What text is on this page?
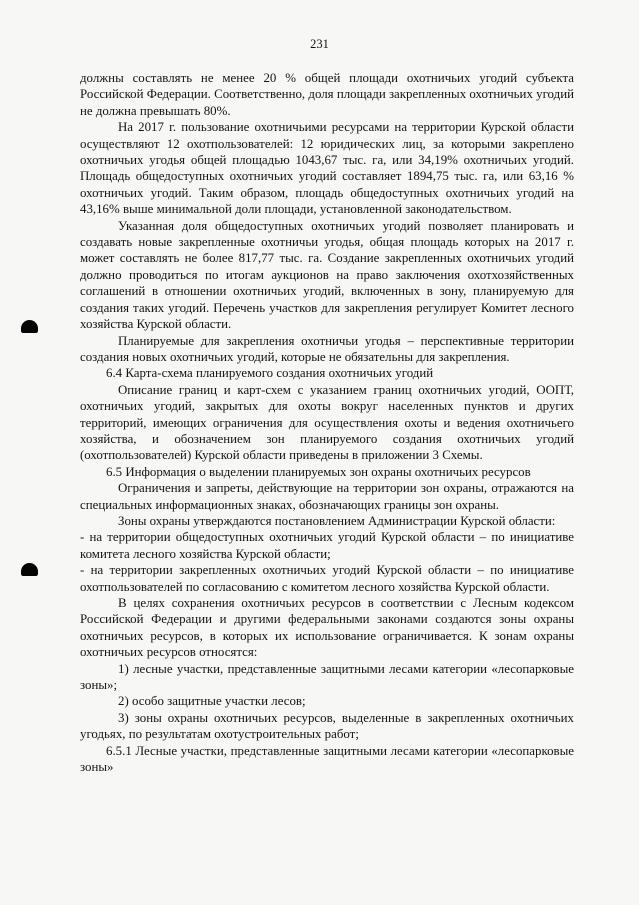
231

должны составлять не менее 20 % общей площади охотничьих угодий субъекта Российской Федерации. Соответственно, доля площади закрепленных охотничьих угодий не должна превышать 80%.

На 2017 г. пользование охотничьими ресурсами на территории Курской области осуществляют 12 охотпользователей: 12 юридических лиц, за которыми закреплено охотничьих угодья общей площадью 1043,67 тыс. га, или 34,19% охотничьих угодий. Площадь общедоступных охотничьих угодий составляет 1894,75 тыс. га, или 63,16 % охотничьих угодий. Таким образом, площадь общедоступных охотничьих угодий на 43,16% выше минимальной доли площади, установленной законодательством.

Указанная доля общедоступных охотничьих угодий позволяет планировать и создавать новые закрепленные охотничьи угодья, общая площадь которых на 2017 г. может составлять не более 817,77 тыс. га. Создание закрепленных охотничьих угодий должно проводиться по итогам аукционов на право заключения охотхозяйственных соглашений в отношении охотничьих угодий, включенных в зону, планируемую для создания таких угодий. Перечень участков для закрепления регулирует Комитет лесного хозяйства Курской области.

Планируемые для закрепления охотничьи угодья – перспективные территории создания новых охотничьих угодий, которые не обязательны для закрепления.

6.4 Карта-схема планируемого создания охотничьих угодий

Описание границ и карт-схем с указанием границ охотничьих угодий, ООПТ, охотничьих угодий, закрытых для охоты вокруг населенных пунктов и других территорий, имеющих ограничения для осуществления охоты и ведения охотничьего хозяйства, и обозначением зон планируемого создания охотничьих угодий (охотпользователей) Курской области приведены в приложении 3 Схемы.

6.5 Информация о выделении планируемых зон охраны охотничьих ресурсов

Ограничения и запреты, действующие на территории зон охраны, отражаются на специальных информационных знаках, обозначающих границы зон охраны.

Зоны охраны утверждаются постановлением Администрации Курской области:

- на территории общедоступных охотничьих угодий Курской области – по инициативе комитета лесного хозяйства Курской области;

- на территории закрепленных охотничьих угодий Курской области – по инициативе охотпользователей по согласованию с комитетом лесного хозяйства Курской области.

В целях сохранения охотничьих ресурсов в соответствии с Лесным кодексом Российской Федерации и другими федеральными законами создаются зоны охраны охотничьих ресурсов, в которых их использование ограничивается. К зонам охраны охотничьих ресурсов относятся:

1) лесные участки, представленные защитными лесами категории «лесопарковые зоны»;

2) особо защитные участки лесов;

3) зоны охраны охотничьих ресурсов, выделенные в закрепленных охотничьих угодьях, по результатам охотустроительных работ;

6.5.1 Лесные участки, представленные защитными лесами категории «лесопарковые зоны»
